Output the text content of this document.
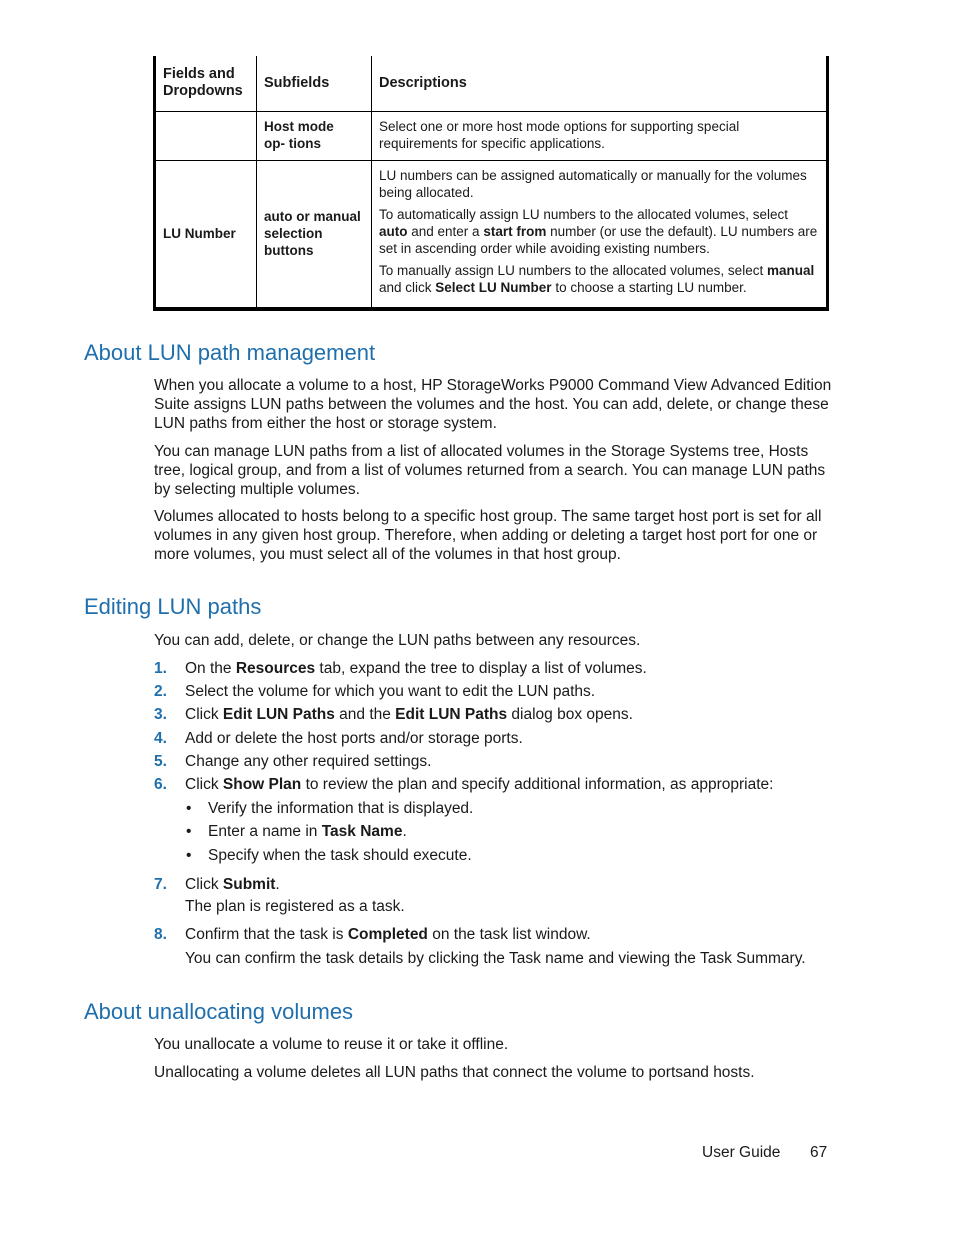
Fields and Dropdowns	Subfields	Descriptions

	Host mode op- tions	Select one or more host mode options for supporting special requirements for specific applications.

LU Number	auto or manual selection buttons	LU numbers can be assigned automatically or manually for the volumes being allocated.

To automatically assign LU numbers to the allocated volumes, select auto and enter a start from number (or use the default). LU numbers are set in ascending order while avoiding existing numbers.

To manually assign LU numbers to the allocated volumes, select manual and click Select LU Number to choose a starting LU number.

About LUN path management

When you allocate a volume to a host, HP StorageWorks P9000 Command View Advanced Edition Suite assigns LUN paths between the volumes and the host. You can add, delete, or change these LUN paths from either the host or storage system.

You can manage LUN paths from a list of allocated volumes in the Storage Systems tree, Hosts tree, logical group, and from a list of volumes returned from a search. You can manage LUN paths by selecting multiple volumes.

Volumes allocated to hosts belong to a specific host group. The same target host port is set for all volumes in any given host group. Therefore, when adding or deleting a target host port for one or more volumes, you must select all of the volumes in that host group.

Editing LUN paths

You can add, delete, or change the LUN paths between any resources.

1. On the Resources tab, expand the tree to display a list of volumes.
2. Select the volume for which you want to edit the LUN paths.
3. Click Edit LUN Paths and the Edit LUN Paths dialog box opens.
4. Add or delete the host ports and/or storage ports.
5. Change any other required settings.
6. Click Show Plan to review the plan and specify additional information, as appropriate:
• Verify the information that is displayed.
• Enter a name in Task Name.
• Specify when the task should execute.
7. Click Submit.
The plan is registered as a task.
8. Confirm that the task is Completed on the task list window.
You can confirm the task details by clicking the Task name and viewing the Task Summary.
About unallocating volumes

You unallocate a volume to reuse it or take it offline.

Unallocating a volume deletes all LUN paths that connect the volume to portsand hosts.

User Guide 67
